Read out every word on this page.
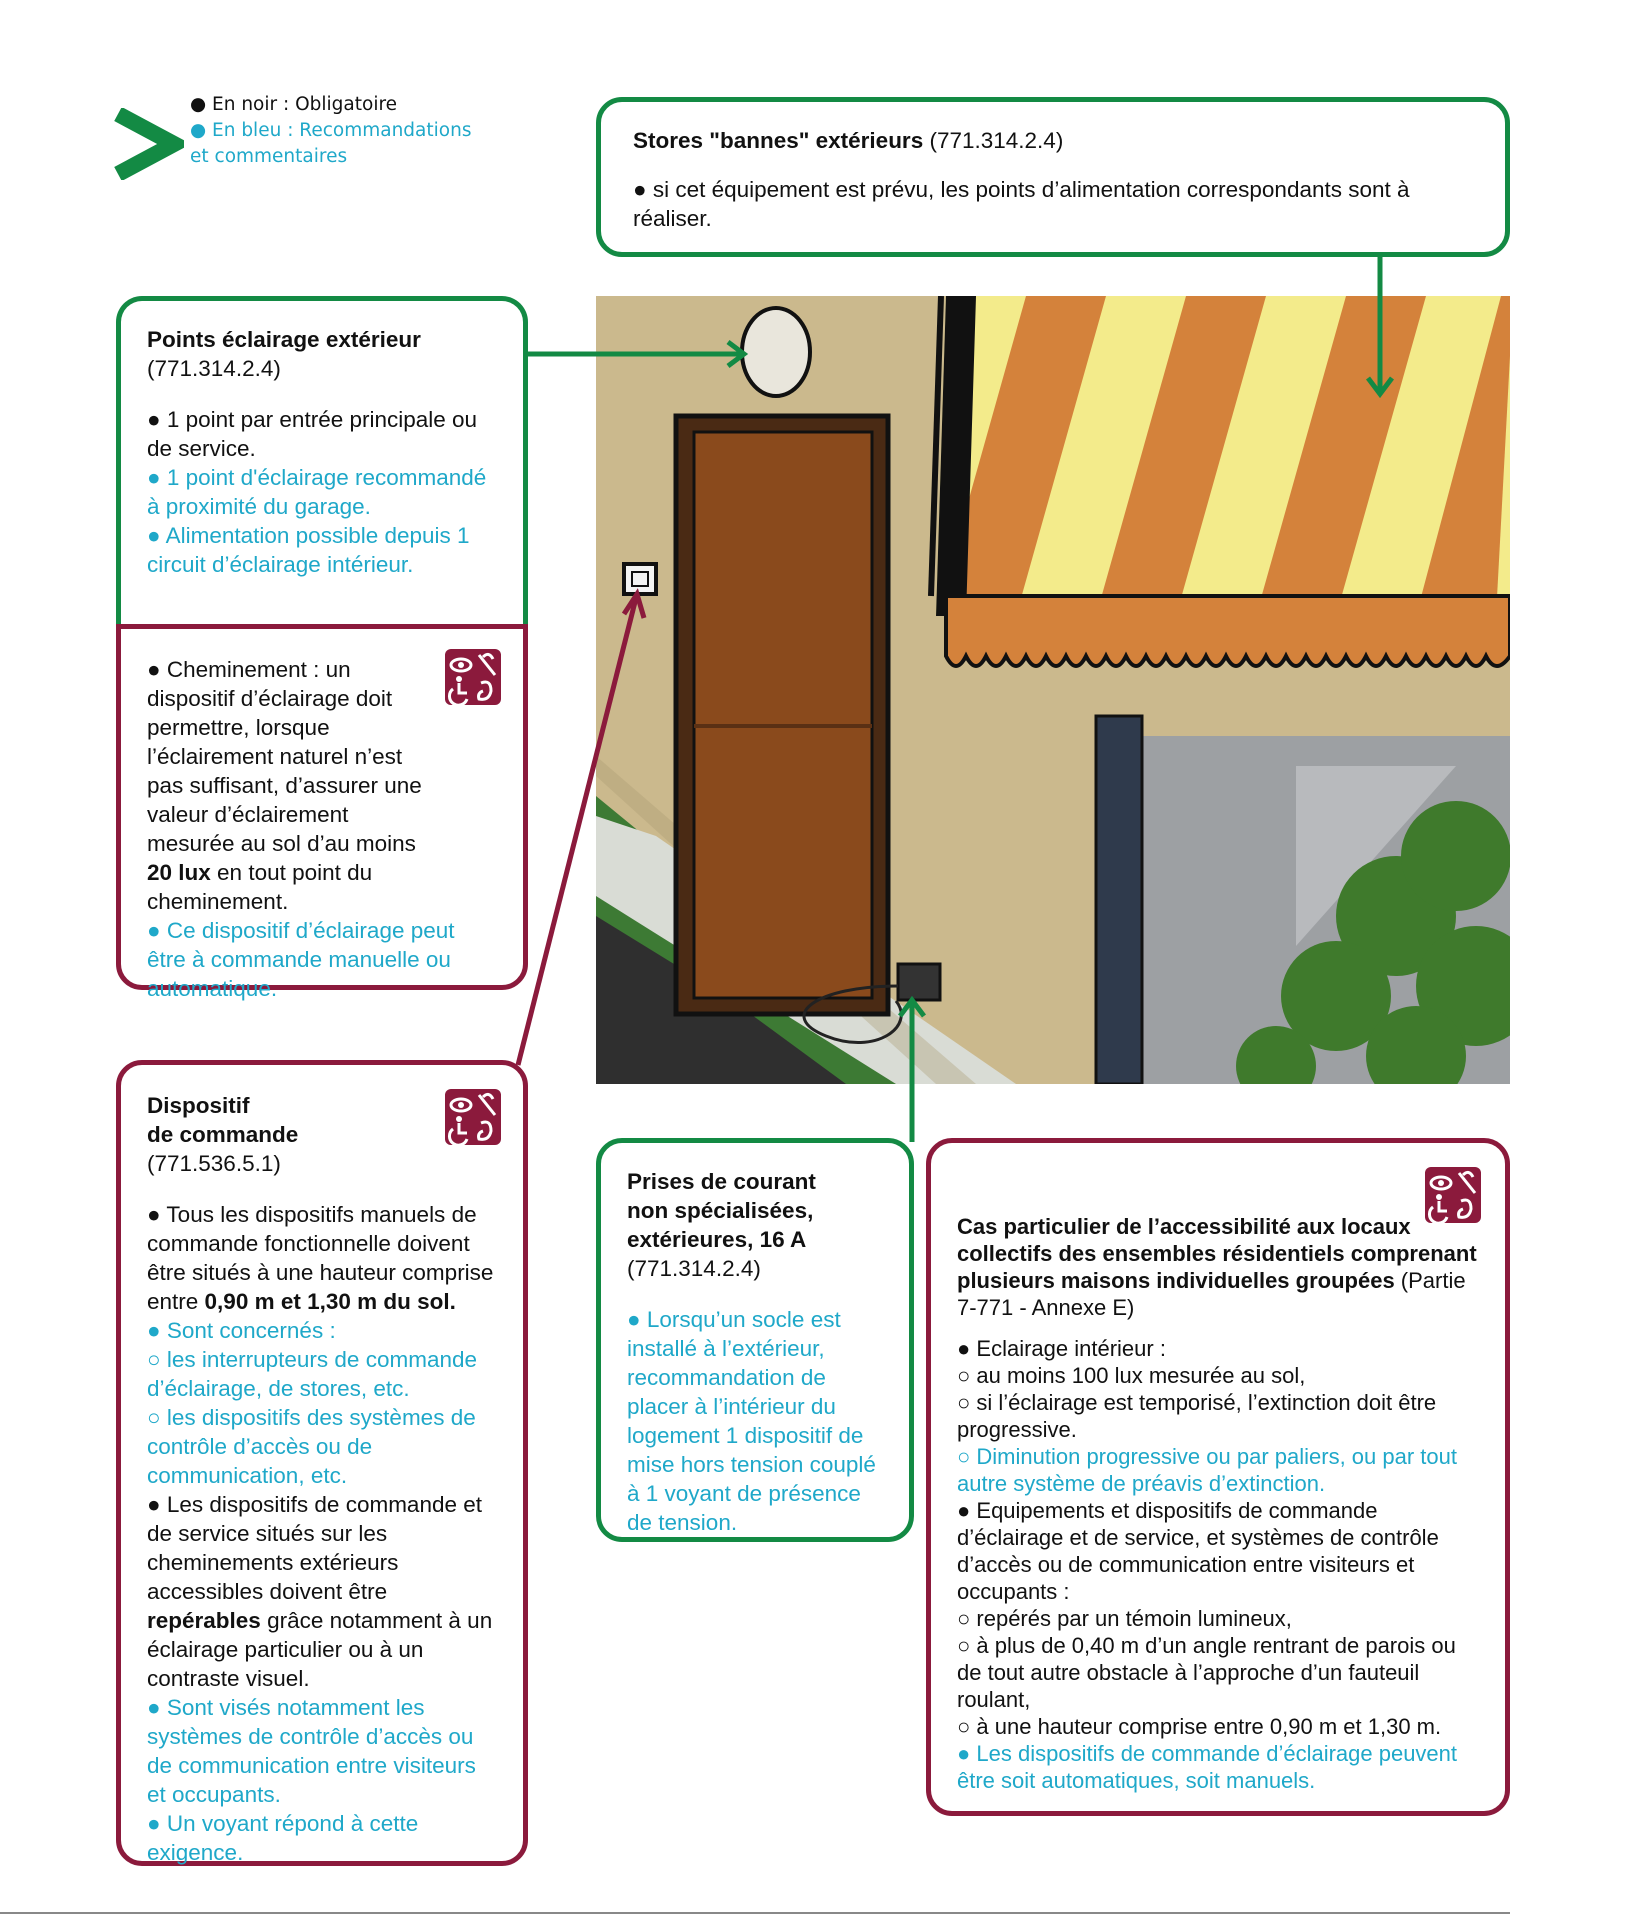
● En noir : Obligatoire
● En bleu : Recommandations
et commentaires

Stores "bannes" extérieurs (771.314.2.4)

● si cet équipement est prévu, les points d’alimentation correspondants sont à réaliser.

Points éclairage extérieur

(771.314.2.4)

● 1 point par entrée principale ou de service.

● 1 point d'éclairage recommandé à proximité du garage.

● Alimentation possible depuis 1 circuit d’éclairage intérieur.

● Cheminement : un dispositif d’éclairage doit permettre, lorsque l’éclairement naturel n’est pas suffisant, d’assurer une valeur d’éclairement mesurée au sol d’au moins 20 lux en tout point du cheminement.

● Ce dispositif d’éclairage peut être à commande manuelle ou automatique.

Dispositif

de commande

(771.536.5.1)

● Tous les dispositifs manuels de commande fonctionnelle doivent être situés à une hauteur comprise entre 0,90 m et 1,30 m du sol.

● Sont concernés :

○ les interrupteurs de commande d’éclairage, de stores, etc.

○ les dispositifs des systèmes de contrôle d’accès ou de communication, etc.

● Les dispositifs de commande et de service situés sur les cheminements extérieurs accessibles doivent être repérables grâce notamment à un éclairage particulier ou à un contraste visuel.

● Sont visés notamment les systèmes de contrôle d’accès ou de communication entre visiteurs et occupants.

● Un voyant répond à cette exigence.

Prises de courant

non spécialisées,

extérieures, 16 A

(771.314.2.4)

● Lorsqu’un socle est installé à l’extérieur, recommandation de placer à l’intérieur du logement 1 dispositif de mise hors tension couplé à 1 voyant de présence de tension.

Cas particulier de l’accessibilité aux locaux collectifs des ensembles résidentiels comprenant plusieurs maisons individuelles groupées (Partie 7-771 - Annexe E)

● Eclairage intérieur :

○ au moins 100 lux mesurée au sol,

○ si l’éclairage est temporisé, l’extinction doit être progressive.

○ Diminution progressive ou par paliers, ou par tout autre système de préavis d’extinction.

● Equipements et dispositifs de commande d’éclairage et de service, et systèmes de contrôle d’accès ou de communication entre visiteurs et occupants :

○ repérés par un témoin lumineux,

○ à plus de 0,40 m d’un angle rentrant de parois ou de tout autre obstacle à l’approche d’un fauteuil roulant,

○ à une hauteur comprise entre 0,90 m et 1,30 m.

● Les dispositifs de commande d’éclairage peuvent être soit automatiques, soit manuels.
